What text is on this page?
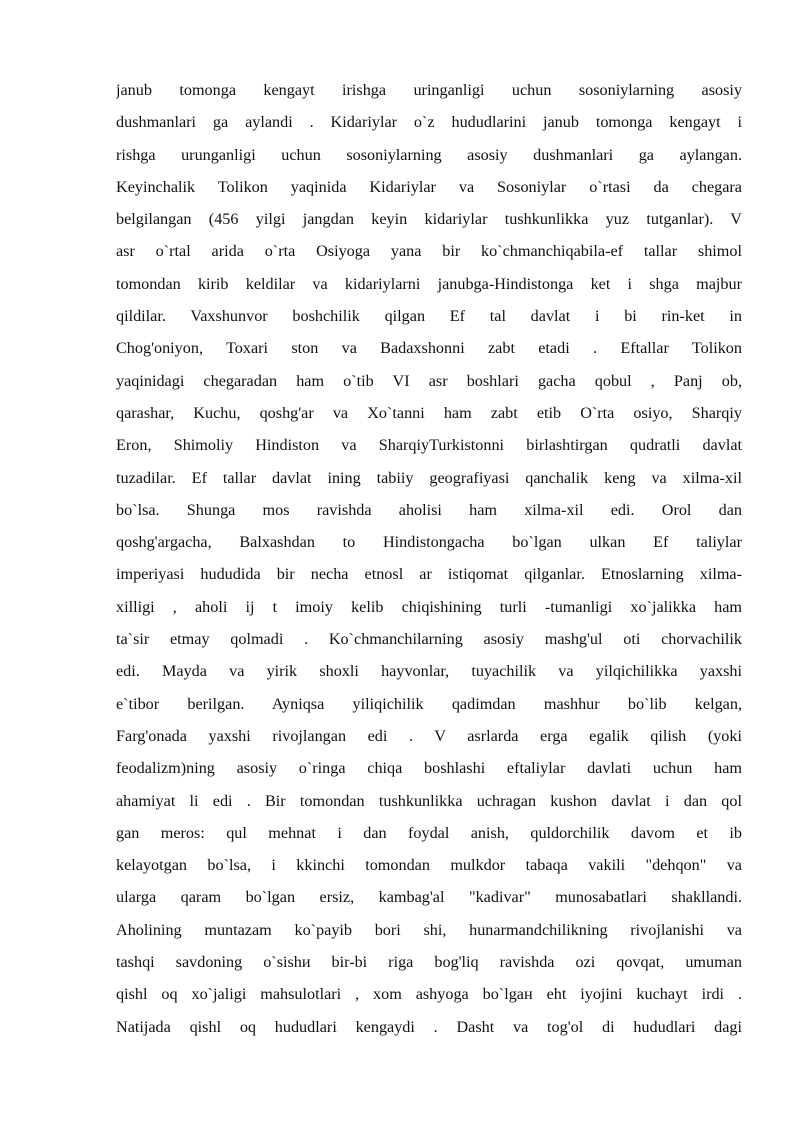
janub tomonga kengayt irishga uringanligi uchun sosoniylarning asosiy
dushmanlari ga aylandi . Kidariylar o`z hududlarini janub tomonga kengayt i
rishga urunganligi uchun sosoniylarning asosiy dushmanlari ga aylangan.
Keyinchalik Tolikon yaqinida Kidariylar va Sosoniylar o`rtasi da chegara
belgilangan (456 yilgi jangdan keyin kidariylar tushkunlikka yuz tutganlar). V
asr o`rtal arida o`rta Osiyoga yana bir ko`chmanchiqabila-ef tallar shimol
tomondan kirib keldilar va kidariylarni janubga-Hindistonga ket i shga majbur
qildilar. Vaxshunvor boshchilik qilgan Ef tal davlat i bi rin-ket in
Chog'oniyon, Toxari ston va Badaxshonni zabt etadi . Eftallar Tolikon
yaqinidagi chegaradan ham o`tib VI asr boshlari gacha qobul , Panj ob,
qarashar, Kuchu, qoshg'ar va Xo`tanni ham zabt etib O`rta osiyo, Sharqiy
Eron, Shimoliy Hindiston va SharqiyTurkistonni birlashtirgan qudratli davlat
tuzadilar. Ef tallar davlat ining tabiiy geografiyasi qanchalik keng va xilma-xil
bo`lsa. Shunga mos ravishda aholisi ham xilma-xil edi. Orol dan
qoshg'argacha, Balxashdan to Hindistongacha bo`lgan ulkan Ef taliylar
imperiyasi hududida bir necha etnosl ar istiqomat qilganlar. Etnoslarning xilma-
xilligi , aholi ij t imoiy kelib chiqishining turli -tumanligi xo`jalikka ham
ta`sir etmay qolmadi . Ko`chmanchilarning asosiy mashg'ul oti chorvachilik
edi. Mayda va yirik shoxli hayvonlar, tuyachilik va yilqichilikka yaxshi
e`tibor berilgan. Ayniqsa yiliqichilik qadimdan mashhur bo`lib kelgan,
Farg'onada yaxshi rivojlangan edi . V asrlarda erga egalik qilish (yoki
feodalizm)ning asosiy o`ringa chiqa boshlashi eftaliylar davlati uchun ham
ahamiyat li edi . Bir tomondan tushkunlikka uchragan kushon davlat i dan qol
gan meros: qul mehnat i dan foydal anish, quldorchilik davom et ib
kelayotgan bo`lsa, i kkinchi tomondan mulkdor tabaqa vakili "dehqon" va
ularga qaram bo`lgan ersiz, kambag'al "kadivar" munosabatlari shakllandi.
Aholining muntazam ko`payib bori shi, hunarmandchilikning rivojlanishi va
tashqi savdoning o`sishи bir-bi riga bog'liq ravishda ozi qovqat, umuman
qishl oq xo`jaligi mahsulotlari , xom ashyoga bo`lgaн eht iyojini kuchayt irdi .
Natijada qishl oq hududlari kengaydi . Dasht va tog'ol di hududlari dagi
